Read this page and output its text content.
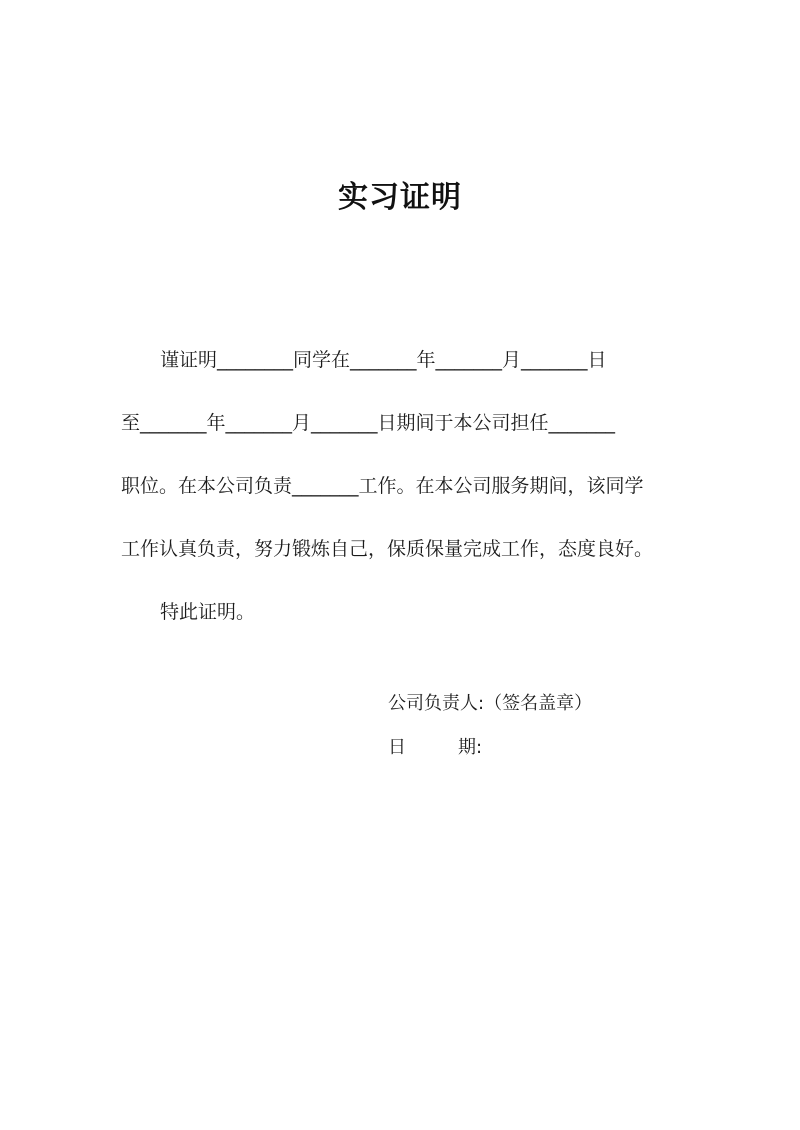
实习证明
谨证明________同学在_______年_______月_______日
至_______年_______月_______日期间于本公司担任_______
职位。在本公司负责_______工作。在本公司服务期间，该同学
工作认真负责，努力锻炼自己，保质保量完成工作，态度良好。
特此证明。
公司负责人:（签名盖章）
日	期:
